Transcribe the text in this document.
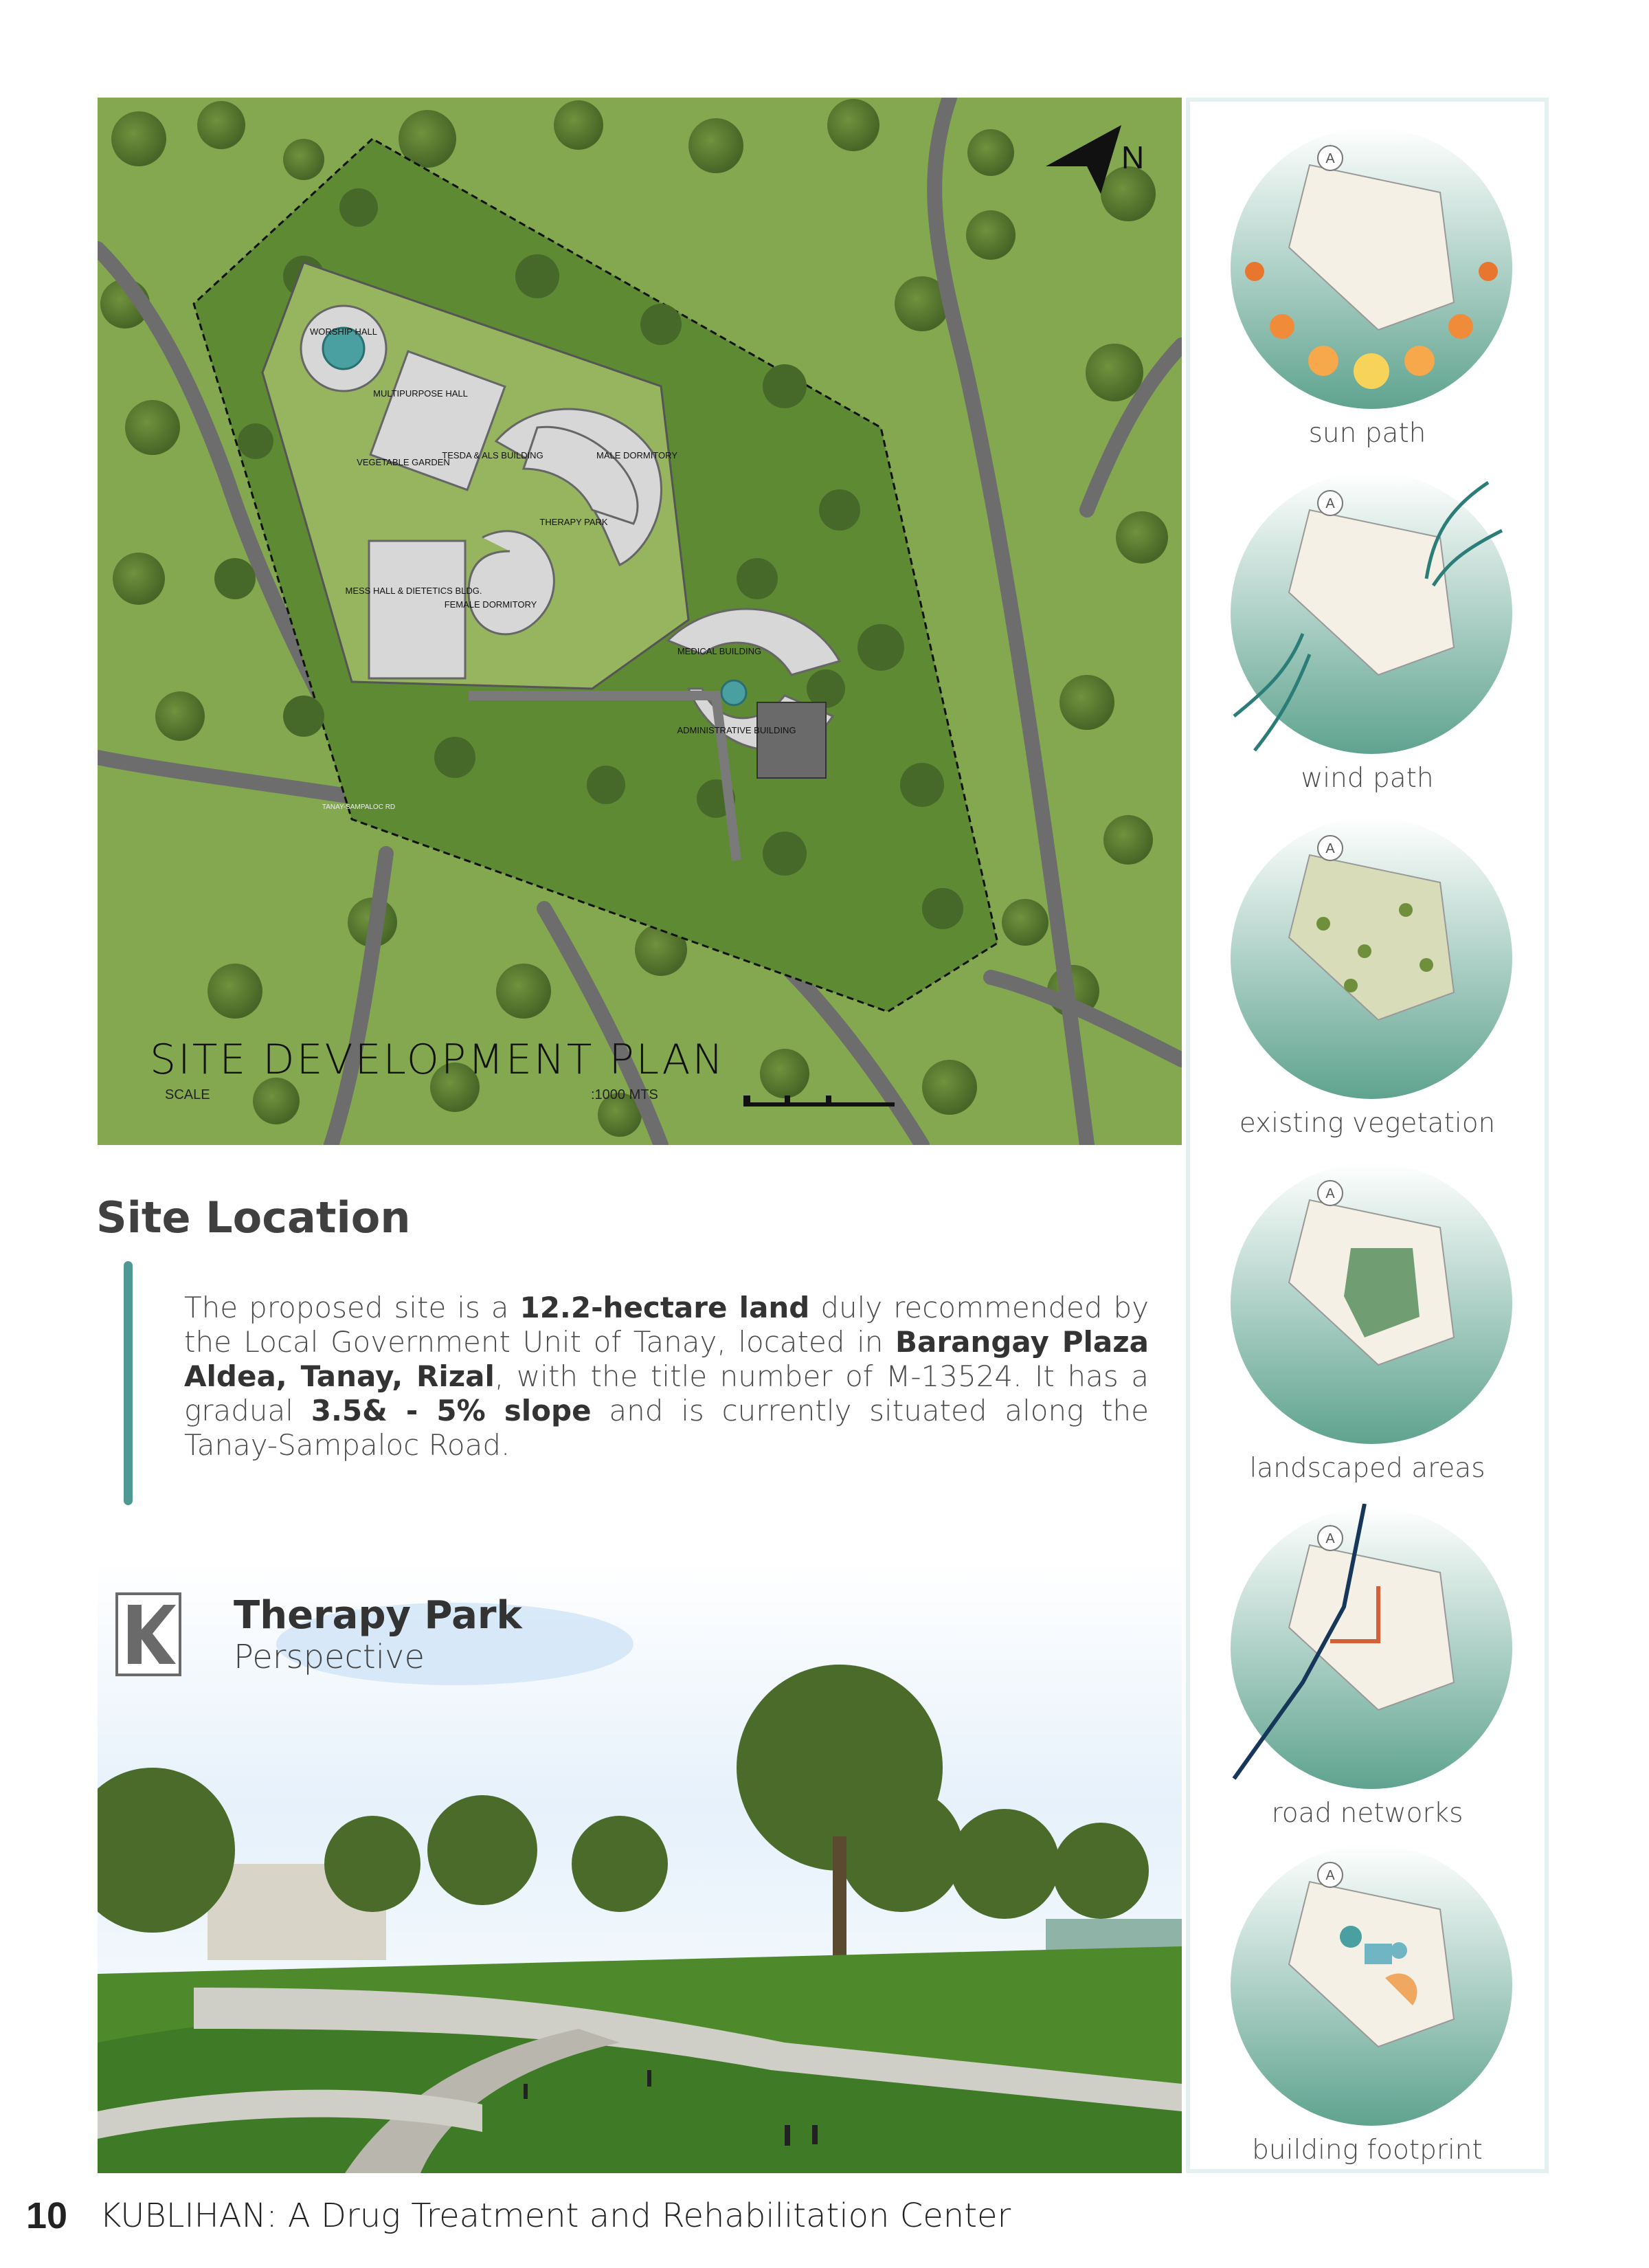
WORSHIP HALL
MULTIPURPOSE HALL
VEGETABLE GARDEN
TESDA & ALS BUILDING	MALE DORMITORY
THERAPY PARK
MESS HALL & DIETETICS BLDG.
FEMALE DORMITORY
MEDICAL BUILDING
ADMINISTRATIVE BUILDING
TANAY-SAMPALOC RD
N
SITE DEVELOPMENT PLAN
SCALE	:1000 MTS
A
sun path
A
wind path
A
existing vegetation
A
landscaped areas
A
road networks
A
building footprint
Site Location
The proposed site is a 12.2-hectare land duly recommended by the Local Government Unit of Tanay, located in Barangay Plaza Aldea, Tanay, Rizal, with the title number of M-13524. It has a gradual 3.5& - 5% slope and is currently situated along the Tanay-Sampaloc Road.
Therapy Park
Perspective
10 KUBLIHAN: A Drug Treatment and Rehabilitation Center
